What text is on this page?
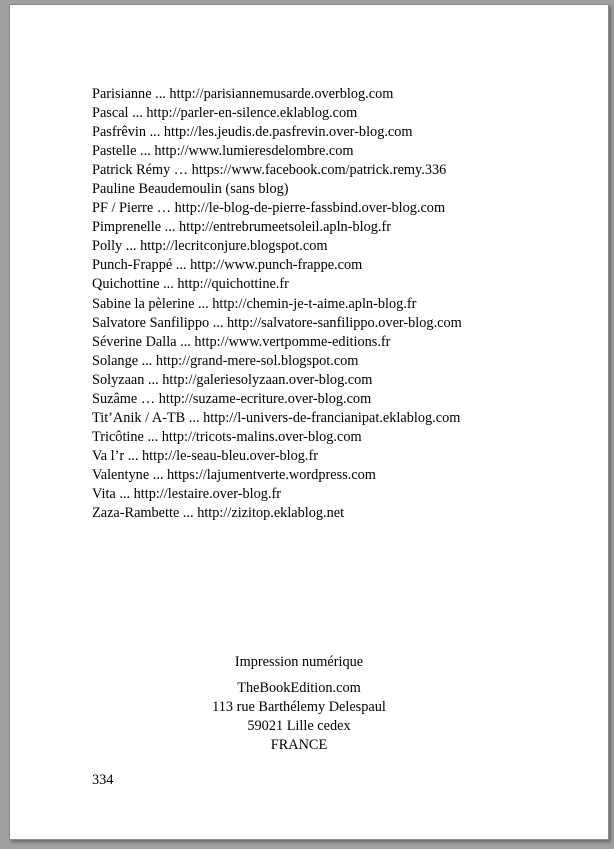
Parisianne ... http://parisiannemusarde.overblog.com
Pascal ... http://parler-en-silence.eklablog.com
Pasfrêvin ... http://les.jeudis.de.pasfrevin.over-blog.com
Pastelle ... http://www.lumieresdelombre.com
Patrick Rémy … https://www.facebook.com/patrick.remy.336
Pauline Beaudemoulin (sans blog)
PF / Pierre … http://le-blog-de-pierre-fassbind.over-blog.com
Pimprenelle ... http://entrebrumeetsoleil.apln-blog.fr
Polly ... http://lecritconjure.blogspot.com
Punch-Frappé ... http://www.punch-frappe.com
Quichottine ... http://quichottine.fr
Sabine la pèlerine ... http://chemin-je-t-aime.apln-blog.fr
Salvatore Sanfilippo ... http://salvatore-sanfilippo.over-blog.com
Séverine Dalla ... http://www.vertpomme-editions.fr
Solange ... http://grand-mere-sol.blogspot.com
Solyzaan ... http://galeriesolyzaan.over-blog.com
Suzâme … http://suzame-ecriture.over-blog.com
Tit’Anik / A-TB ... http://l-univers-de-francianipat.eklablog.com
Tricôtine ... http://tricots-malins.over-blog.com
Va l’r ... http://le-seau-bleu.over-blog.fr
Valentyne ... https://lajumentverte.wordpress.com
Vita ... http://lestaire.over-blog.fr
Zaza-Rambette ... http://zizitop.eklablog.net
Impression numérique
TheBookEdition.com
113 rue Barthélemy Delespaul
59021 Lille cedex
FRANCE
334
